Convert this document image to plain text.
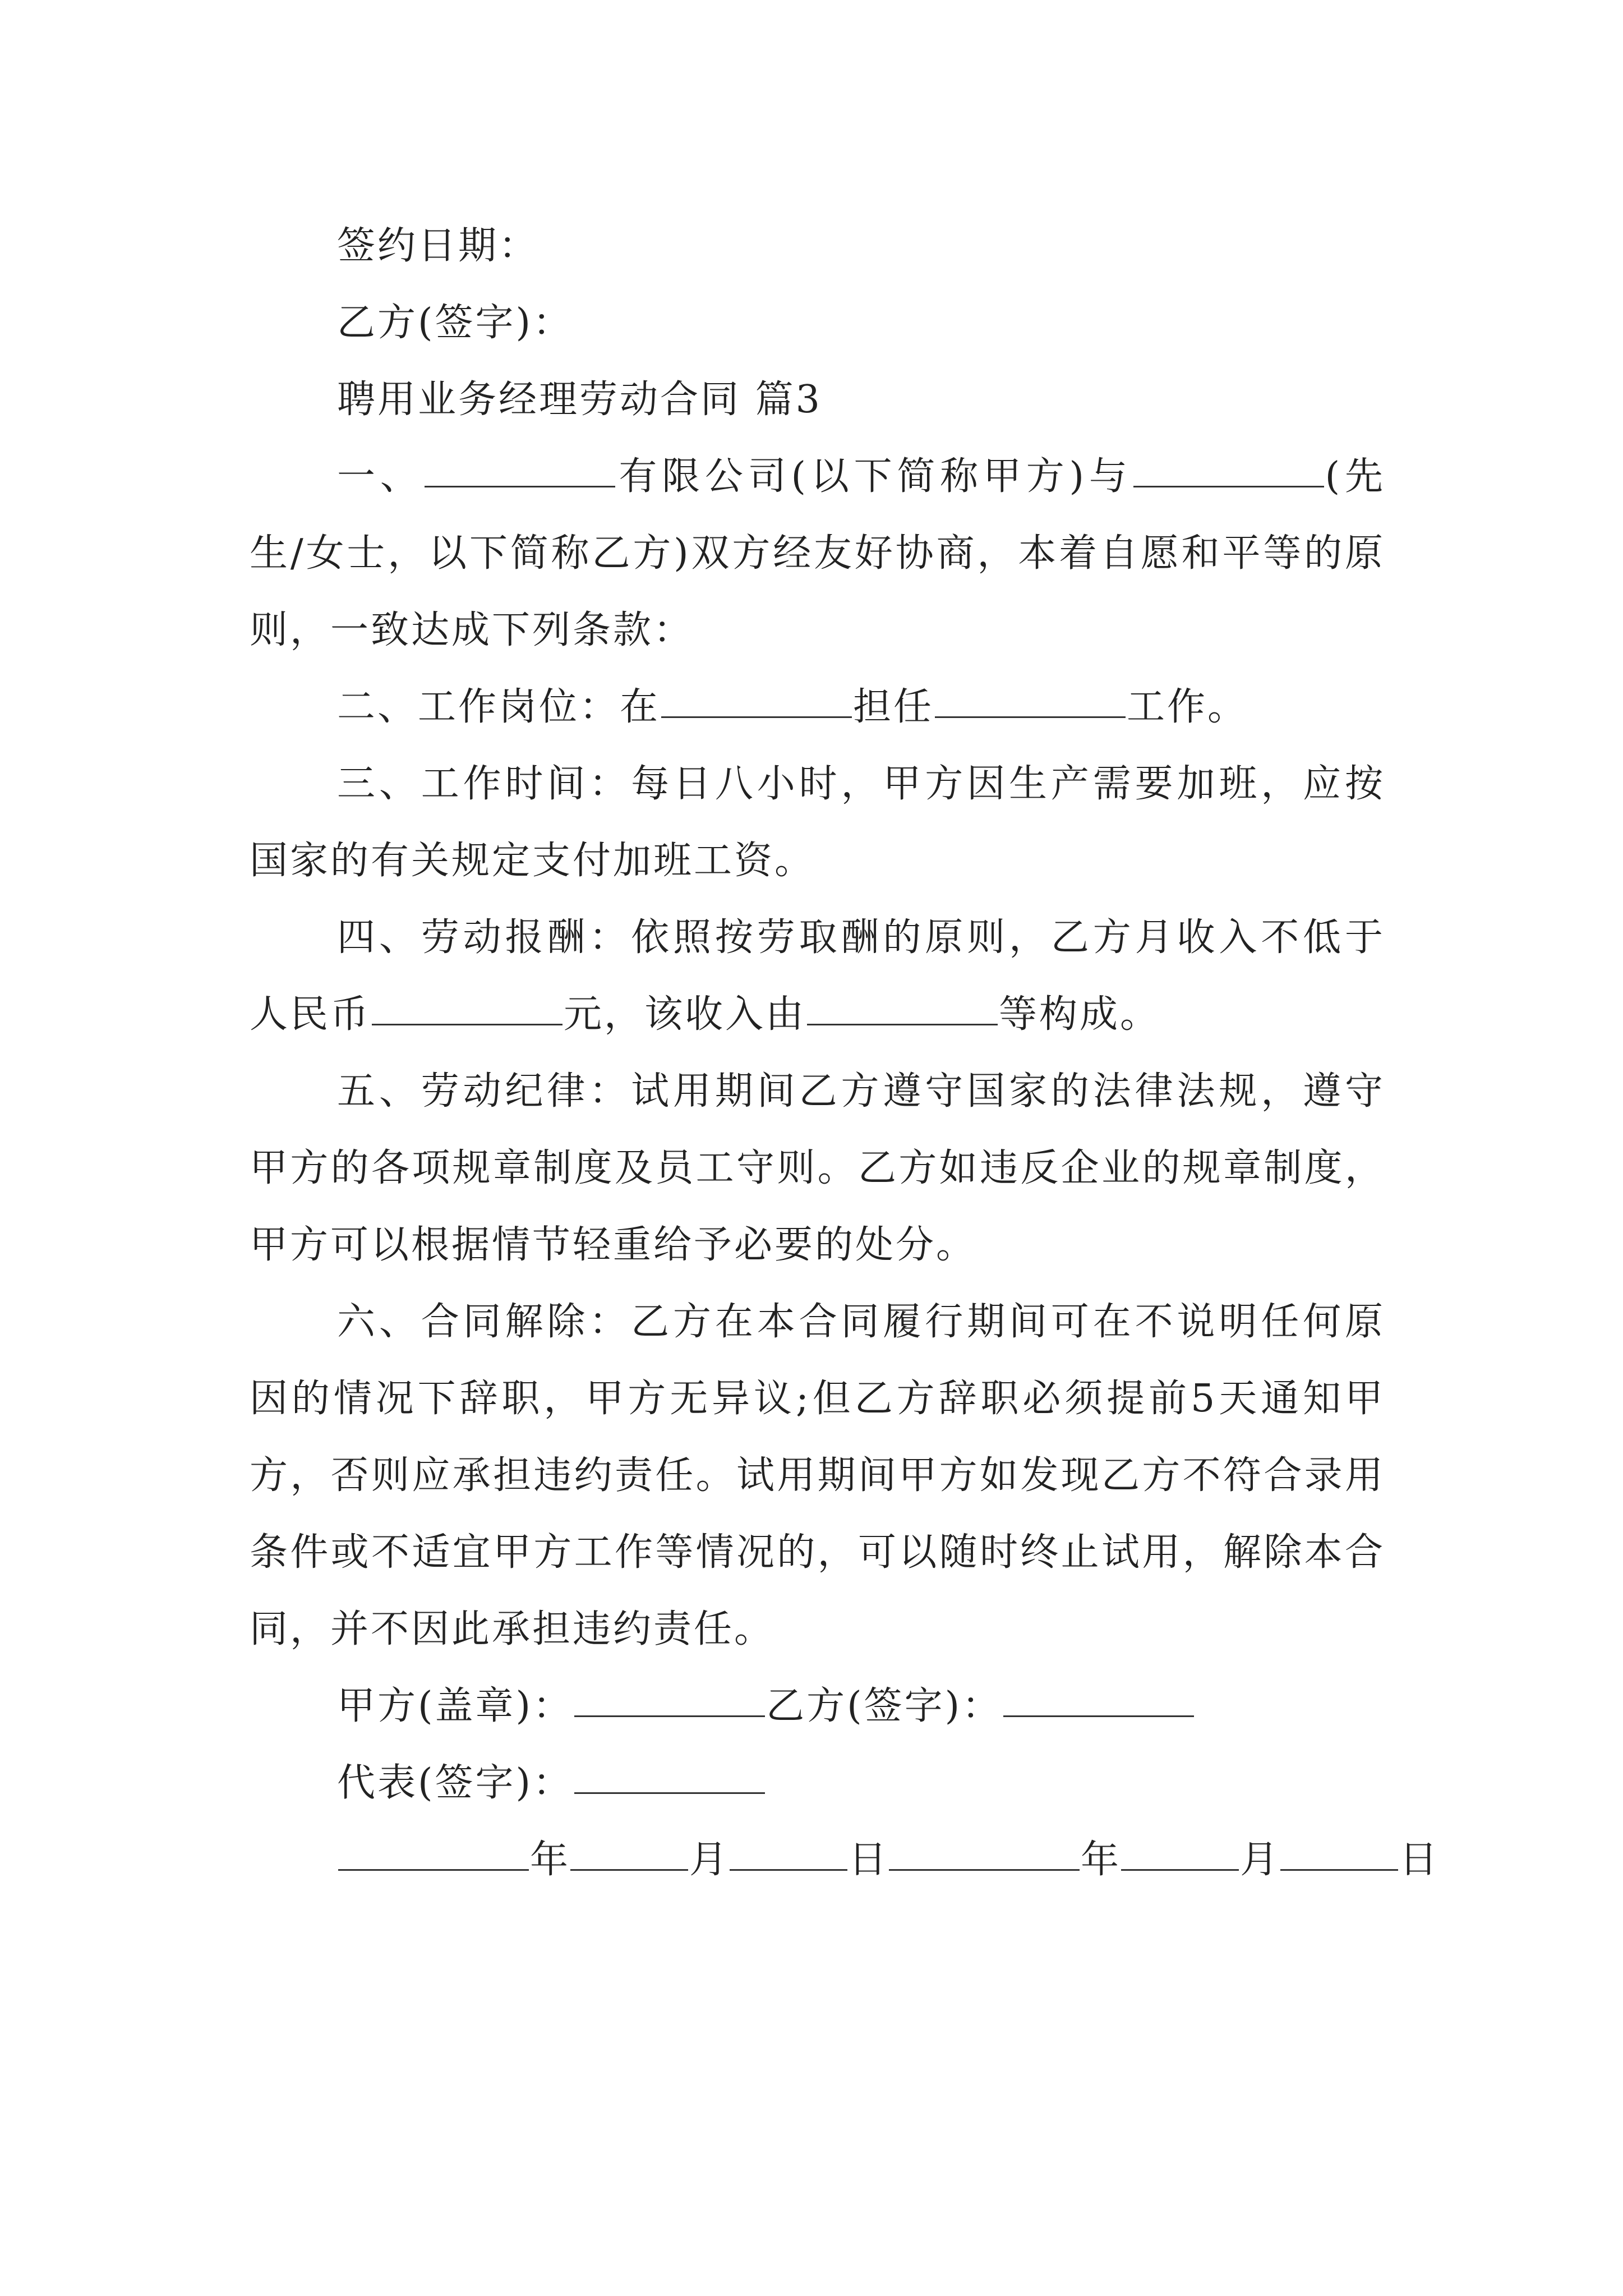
签约日期：

乙方(签字)：

聘用业务经理劳动合同 篇3

一、	有限公司(以下简称甲方)与	(先生/女士，以下简称乙方)双方经友好协商，本着自愿和平等的原则，一致达成下列条款：

二、工作岗位：在	担任	工作。

三、工作时间：每日八小时，甲方因生产需要加班，应按国家的有关规定支付加班工资。

四、劳动报酬：依照按劳取酬的原则，乙方月收入不低于人民币	元，该收入由	等构成。

五、劳动纪律：试用期间乙方遵守国家的法律法规，遵守甲方的各项规章制度及员工守则。乙方如违反企业的规章制度，甲方可以根据情节轻重给予必要的处分。

六、合同解除：乙方在本合同履行期间可在不说明任何原因的情况下辞职，甲方无异议;但乙方辞职必须提前5天通知甲方，否则应承担违约责任。试用期间甲方如发现乙方不符合录用条件或不适宜甲方工作等情况的，可以随时终止试用，解除本合同，并不因此承担违约责任。

甲方(盖章)：	乙方(签字)：

代表(签字)：

年	月	日	年	月	日
